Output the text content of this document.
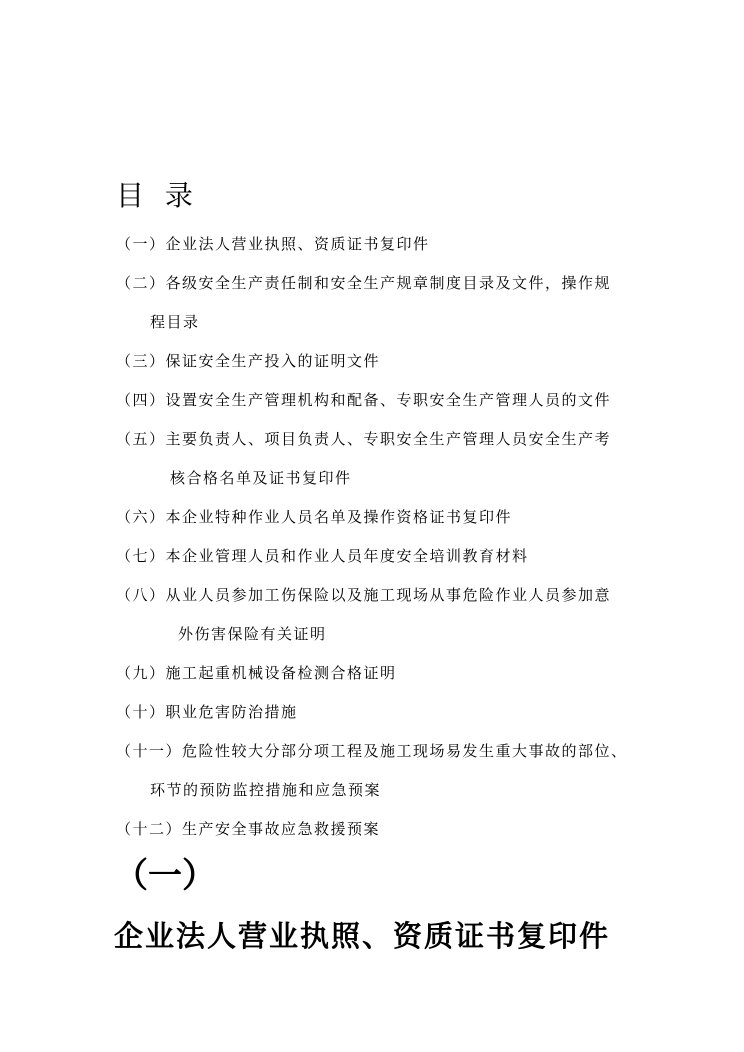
目 录
（一）企业法人营业执照、资质证书复印件
（二）各级安全生产责任制和安全生产规章制度目录及文件，操作规
程目录
（三）保证安全生产投入的证明文件
（四）设置安全生产管理机构和配备、专职安全生产管理人员的文件
（五）主要负责人、项目负责人、专职安全生产管理人员安全生产考
核合格名单及证书复印件
（六）本企业特种作业人员名单及操作资格证书复印件
（七）本企业管理人员和作业人员年度安全培训教育材料
（八）从业人员参加工伤保险以及施工现场从事危险作业人员参加意
外伤害保险有关证明
（九）施工起重机械设备检测合格证明
（十）职业危害防治措施
（十一）危险性较大分部分项工程及施工现场易发生重大事故的部位、
环节的预防监控措施和应急预案
（十二）生产安全事故应急救援预案
（一）
企业法人营业执照、资质证书复印件
